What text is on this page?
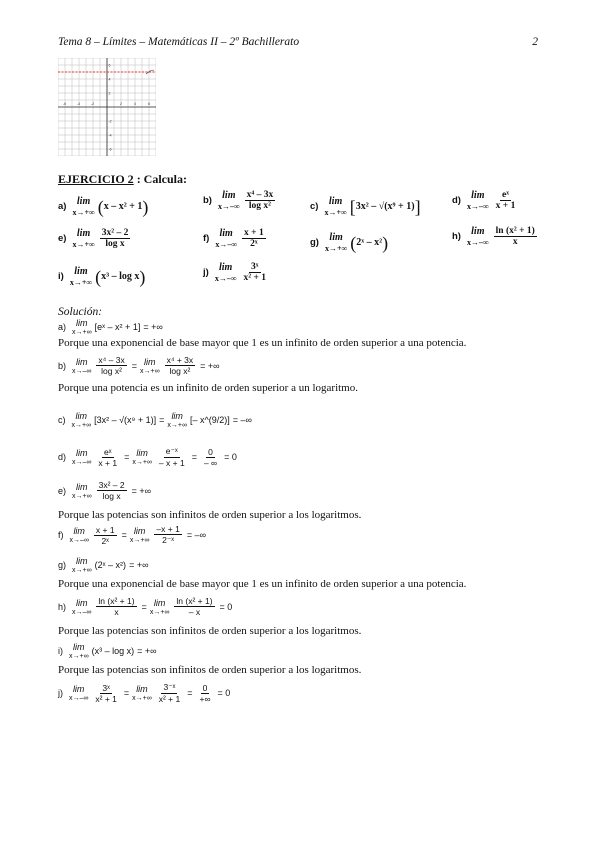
Tema 8 – Límites – Matemáticas II – 2º Bachillerato	2
-6	-4	-2	2	4	6
6
4
2
-2
-4
-6
EJERCICIO 2 : Calcula:
a) lim
x→+∞ ( x – x² + 1 )	b) lim
$x\to-\infty \frac{\text{x⁴ – 3x}}{\text{log x²}}$	c) lim
x→+∞ [ 3x² – √(x⁹ + 1) ]	d) lim
$x\to-\infty \frac{\text{eˣ}}{x + 1}$
e) lim
$x\to+\infty \frac{\text{3x² – 2}}{\text{log x}}$	f) lim
$x\to-\infty \frac{x + 1}{\text{2ˣ}}$	g) lim
x→+∞ ( 2ˣ – x² )	h) lim
$x\to-\infty \frac{\text{ln (x² + 1)}}{x}$
i) lim
x→+∞ ( x³ – log x )	j) lim
$x\to-\infty \frac{\text{3ˣ}}{\text{x² + 1}}$
Solución:
a) lim
x→+∞
[eˣ – x² + 1] = +∞
Porque una exponencial de base mayor que 1 es un infinito de orden superior a una potencia.
b) lim
$x\to-\infty \frac{\text{x⁴ – 3x}}{\text{log x²}} = \lim$
$x\to+\infty \frac{\text{x⁴ + 3x}}{\text{log x²}}$ = +∞
Porque una potencia es un infinito de orden superior a un logaritmo.
c) lim
x→+∞
[3x² – √(x⁹ + 1)] = lim
x→+∞
[– x^(9/2)] = –∞
d) lim
$x\to-\infty \frac{\text{eˣ}}{x + 1} = \lim$
$x\to+\infty \frac{\text{e⁻ˣ}}{- x + 1} = \frac{0}{- \infty} = 0$
e) lim
$x\to+\infty \frac{\text{3x² – 2}}{\text{log x}}$ = +∞
Porque las potencias son infinitos de orden superior a los logaritmos.
f) lim
$x\to-\infty \frac{x + 1}{\text{2ˣ}} = \lim$
$x\to+\infty \frac{-x + 1}{\text{2⁻ˣ}}$ = –∞
g) lim
x→+∞
(2ˣ – x²) = +∞
Porque una exponencial de base mayor que 1 es un infinito de orden superior a una potencia.
h) lim
$x\to-\infty \frac{\text{ln (x² + 1)}}{x} = \lim$
$x\to+\infty \frac{\text{ln (x² + 1)}}{- x} = 0$
Porque las potencias son infinitos de orden superior a los logaritmos.
i) lim
x→+∞
(x³ – log x) = +∞
Porque las potencias son infinitos de orden superior a los logaritmos.
j) lim
$x\to-\infty \frac{\text{3ˣ}}{\text{x² + 1}} = \lim$
$x\to+\infty \frac{\text{3⁻ˣ}}{\text{x² + 1}} = \frac{0}{+\infty} = 0$
